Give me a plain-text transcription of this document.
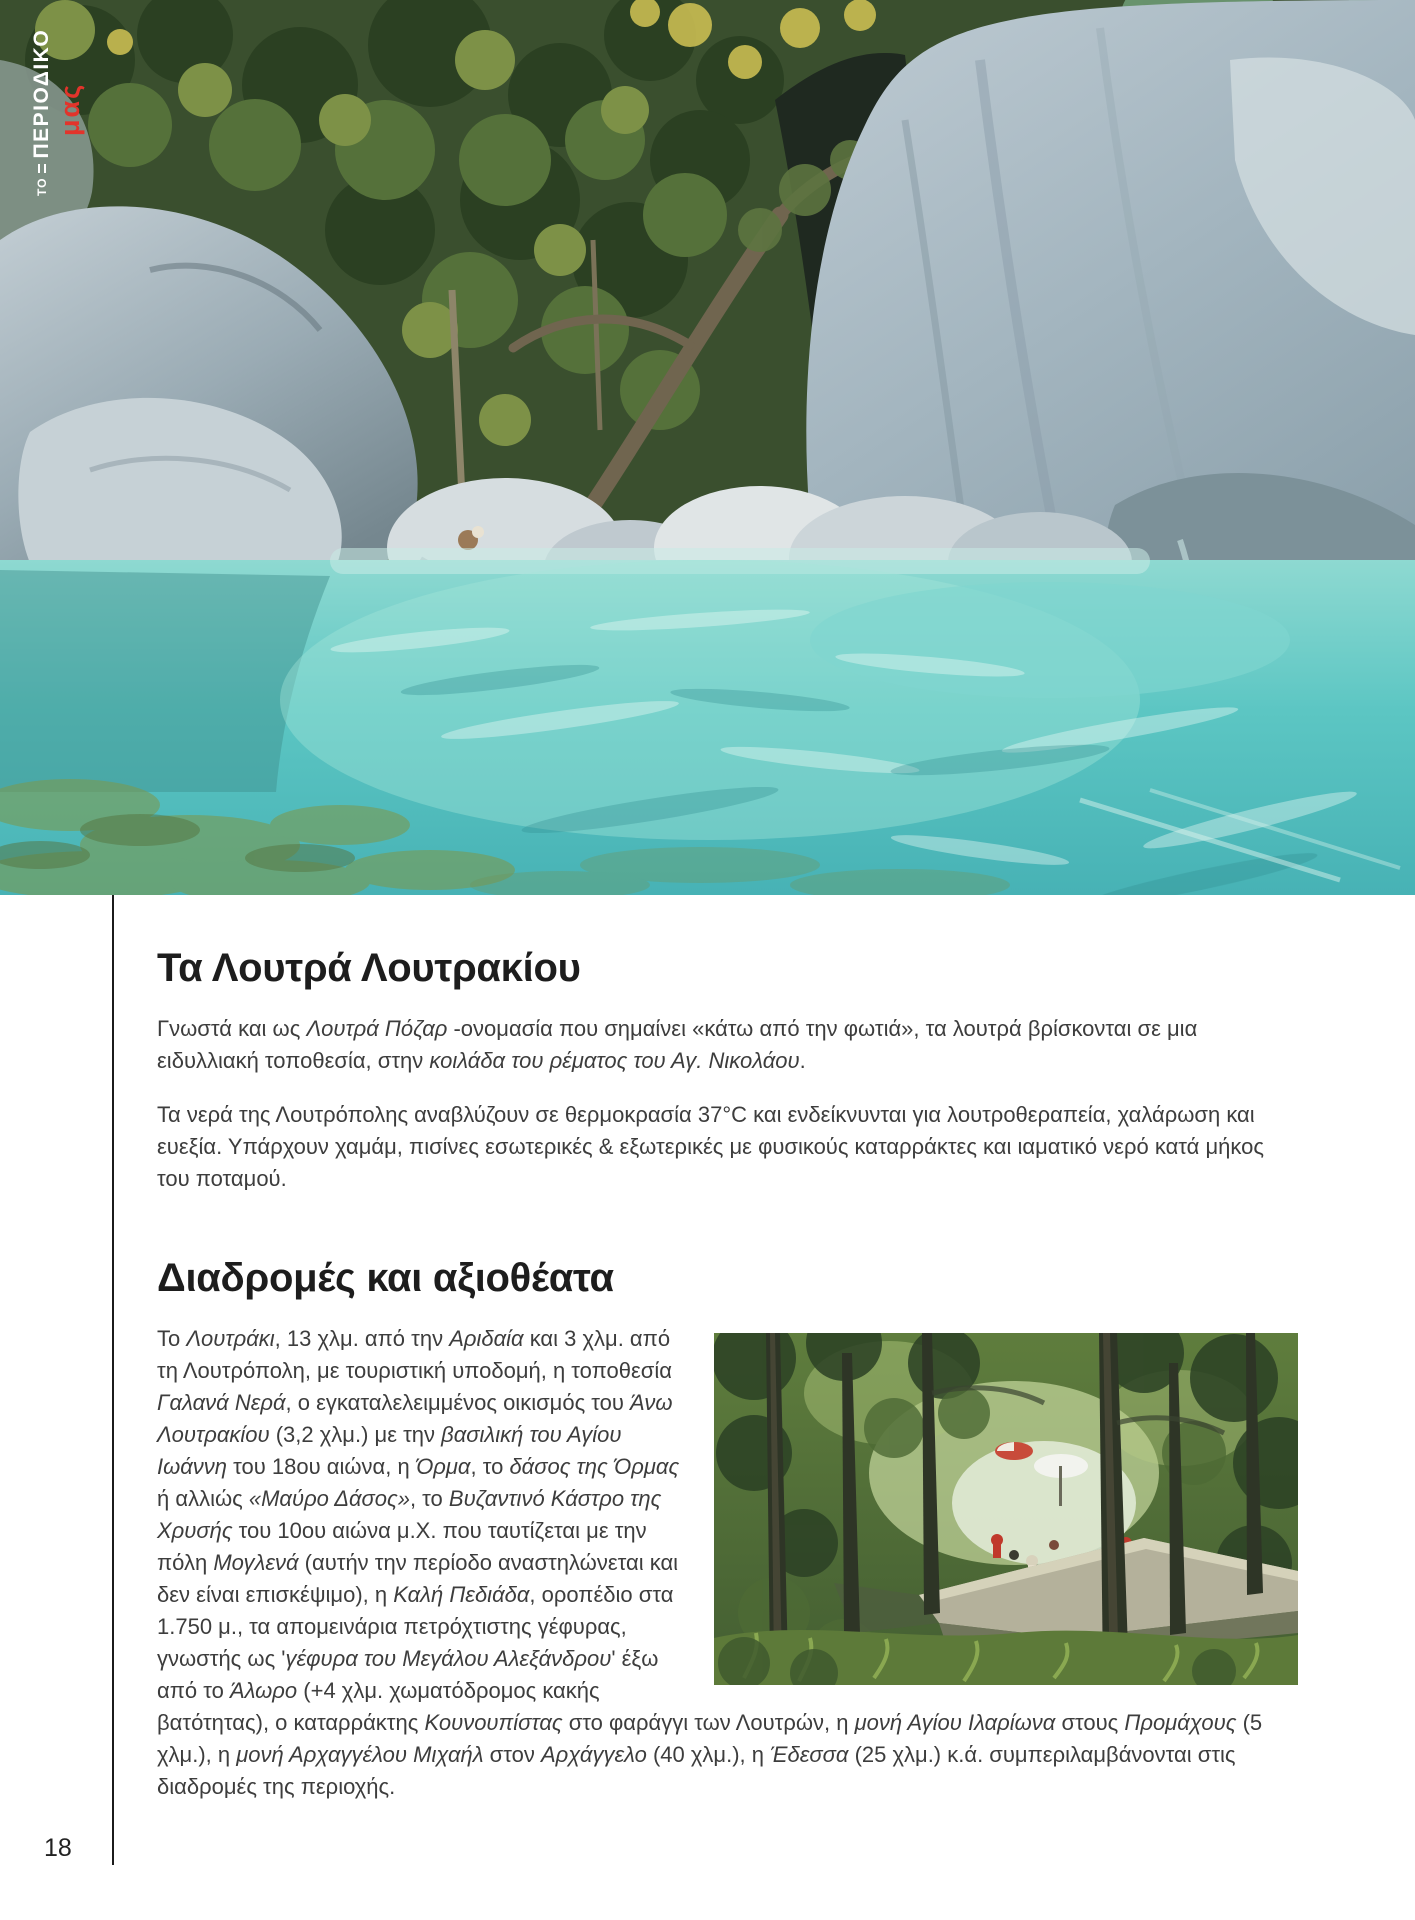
ΤΟ
ΠΕΡΙΟΔΙΚΟ μας
18
Τα Λουτρά Λουτρακίου

Γνωστά και ως Λουτρά Πόζαρ -ονομασία που σημαίνει «κάτω από την φωτιά», τα λουτρά βρίσκονται σε μια ειδυλλιακή τοποθεσία, στην κοιλάδα του ρέματος του Αγ. Νικολάου.

Τα νερά της Λουτρόπολης αναβλύζουν σε θερμοκρασία 37°C και ενδείκνυνται για λουτροθεραπεία, χαλάρωση και ευεξία. Υπάρχουν χαμάμ, πισίνες εσωτερικές & εξωτερικές με φυσικούς καταρράκτες και ιαματικό νερό κατά μήκος του ποταμού.

Διαδρομές και αξιοθέατα

Το Λουτράκι, 13 χλμ. από την Αριδαία και 3 χλμ. από τη Λουτρόπολη, με τουριστική υποδομή, η τοποθεσία Γαλανά Νερά, ο εγκαταλελειμμένος οικισμός του Άνω Λουτρακίου (3,2 χλμ.) με την βασιλική του Αγίου Ιωάννη του 18ου αιώνα, η Όρμα, το δάσος της Όρμας ή αλλιώς «Μαύρο Δάσος», το Βυζαντινό Κάστρο της Χρυσής του 10ου αιώνα μ.Χ. που ταυτίζεται με την πόλη Μογλενά (αυτήν την περίοδο αναστηλώνεται και δεν είναι επισκέψιμο), η Καλή Πεδιάδα, οροπέδιο στα 1.750 μ., τα απομεινάρια πετρόχτιστης γέφυρας, γνωστής ως 'γέφυρα του Μεγάλου Αλεξάνδρου' έξω από το Άλωρο (+4 χλμ. χωματόδρομος κακής βατότητας), ο καταρράκτης Κουνουπίστας στο φαράγγι των Λουτρών, η μονή Αγίου Ιλαρίωνα στους Προμάχους (5 χλμ.), η μονή Αρχαγγέλου Μιχαήλ στον Αρχάγγελο (40 χλμ.), η Έδεσσα (25 χλμ.) κ.ά. συμπεριλαμβάνονται στις διαδρομές της περιοχής.
